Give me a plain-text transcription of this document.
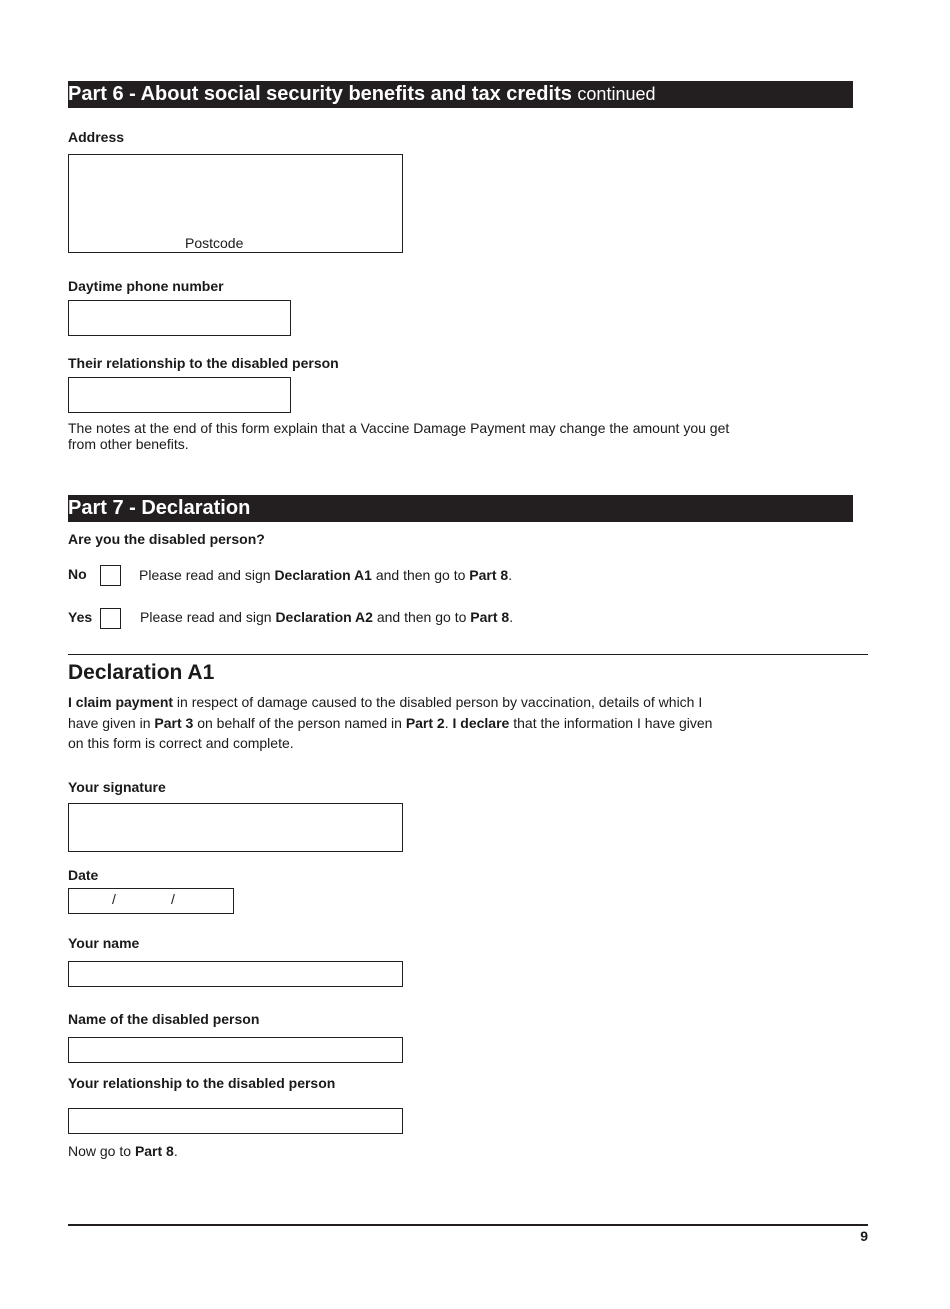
Part 6 - About social security benefits and tax credits continued
Address
Postcode
Daytime phone number
Their relationship to the disabled person
The notes at the end of this form explain that a Vaccine Damage Payment may change the amount you get
from other benefits.
Part 7 - Declaration
Are you the disabled person?
No	Please read and sign Declaration A1 and then go to Part 8.
Yes	Please read and sign Declaration A2 and then go to Part 8.
Declaration A1
I claim payment in respect of damage caused to the disabled person by vaccination, details of which I
have given in Part 3 on behalf of the person named in Part 2. I declare that the information I have given
on this form is correct and complete.
Your signature
Date
/	/
Your name
Name of the disabled person
Your relationship to the disabled person
Now go to Part 8.
9
